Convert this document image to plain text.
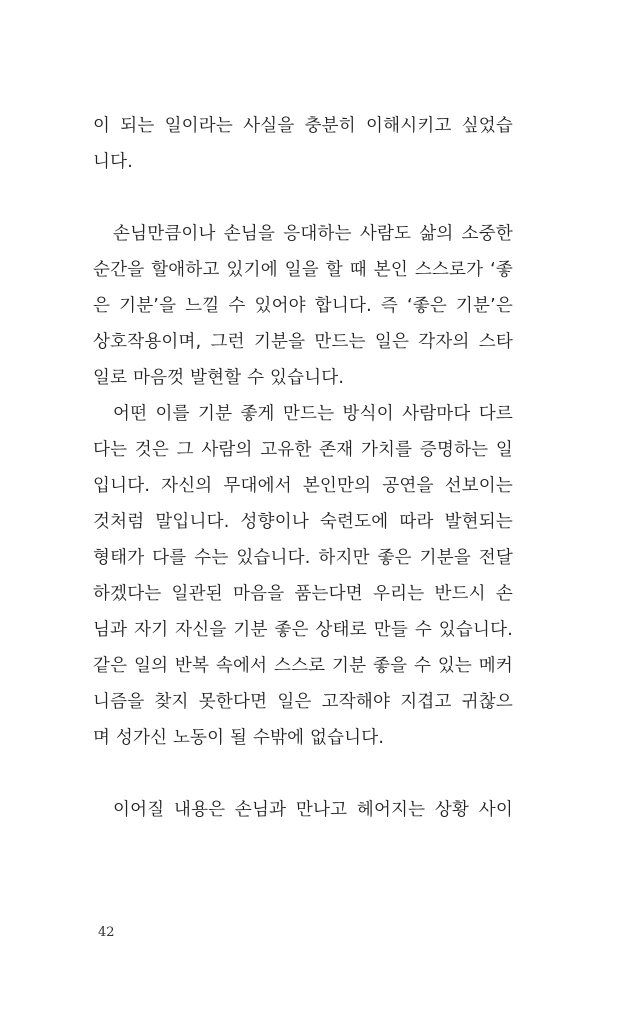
이 되는 일이라는 사실을 충분히 이해시키고 싶었습
니다.
손님만큼이나 손님을 응대하는 사람도 삶의 소중한
순간을 할애하고 있기에 일을 할 때 본인 스스로가 ‘좋
은 기분’을 느낄 수 있어야 합니다. 즉 ‘좋은 기분’은
상호작용이며, 그런 기분을 만드는 일은 각자의 스타
일로 마음껏 발현할 수 있습니다.
어떤 이를 기분 좋게 만드는 방식이 사람마다 다르
다는 것은 그 사람의 고유한 존재 가치를 증명하는 일
입니다. 자신의 무대에서 본인만의 공연을 선보이는
것처럼 말입니다. 성향이나 숙련도에 따라 발현되는
형태가 다를 수는 있습니다. 하지만 좋은 기분을 전달
하겠다는 일관된 마음을 품는다면 우리는 반드시 손
님과 자기 자신을 기분 좋은 상태로 만들 수 있습니다.
같은 일의 반복 속에서 스스로 기분 좋을 수 있는 메커
니즘을 찾지 못한다면 일은 고작해야 지겹고 귀찮으
며 성가신 노동이 될 수밖에 없습니다.
이어질 내용은 손님과 만나고 헤어지는 상황 사이
42
